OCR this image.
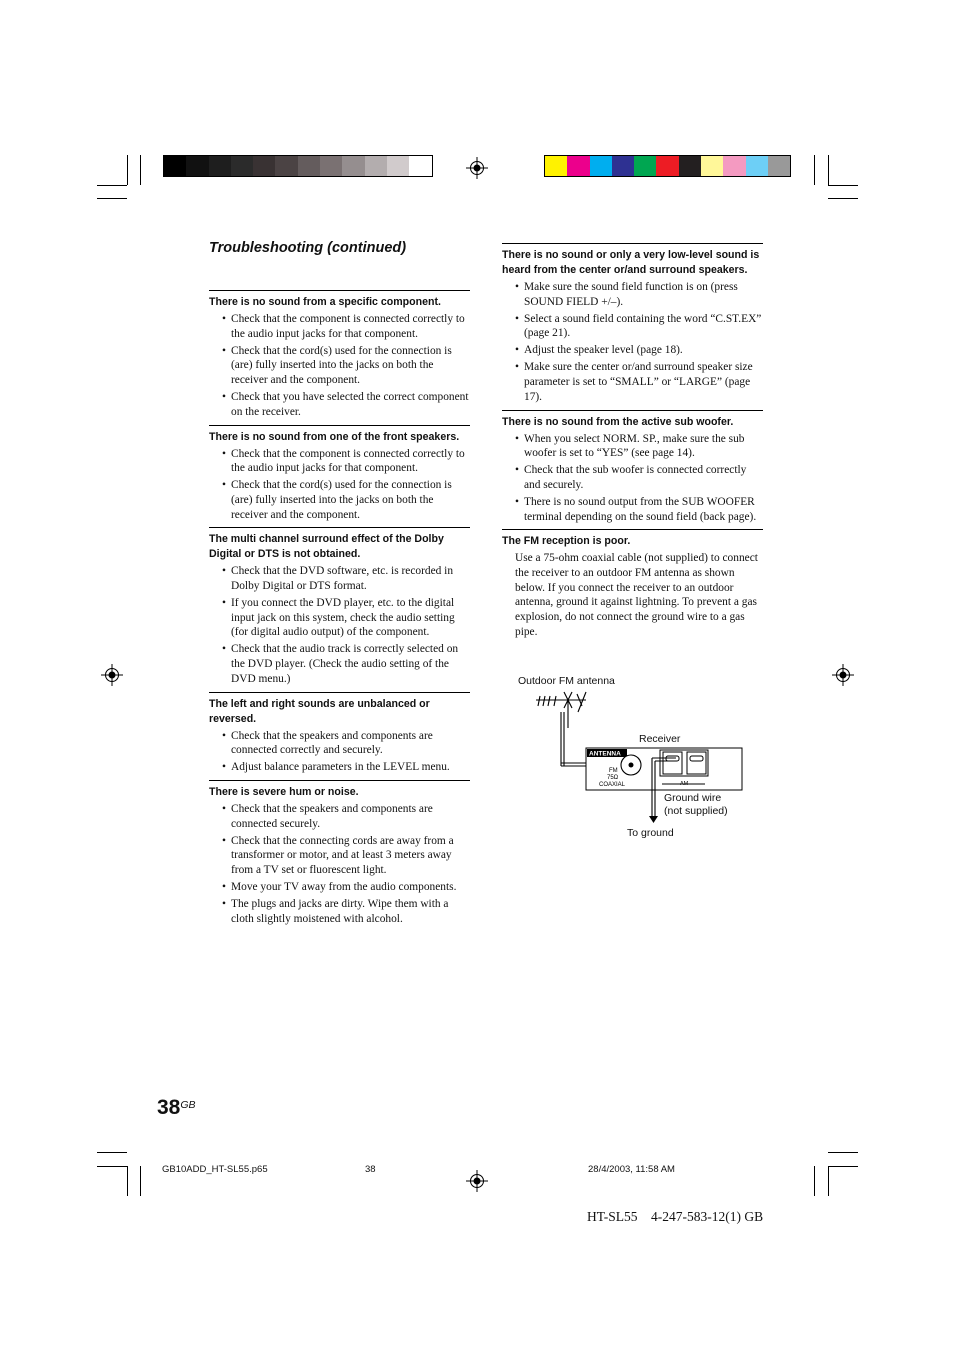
Troubleshooting (continued)

There is no sound from a specific component.

• Check that the component is connected correctly to the audio input jacks for that component.
• Check that the cord(s) used for the connection is (are) fully inserted into the jacks on both the receiver and the component.
• Check that you have selected the correct component on the receiver.

There is no sound from one of the front speakers.

• Check that the component is connected correctly to the audio input jacks for that component.
• Check that the cord(s) used for the connection is (are) fully inserted into the jacks on both the receiver and the component.

The multi channel surround effect of the Dolby Digital or DTS is not obtained.

• Check that the DVD software, etc. is recorded in Dolby Digital or DTS format.
• If you connect the DVD player, etc. to the digital input jack on this system, check the audio setting (for digital audio output) of the component.
• Check that the audio track is correctly selected on the DVD player. (Check the audio setting of the DVD menu.)

The left and right sounds are unbalanced or reversed.

• Check that the speakers and components are connected correctly and securely.
• Adjust balance parameters in the LEVEL menu.

There is severe hum or noise.

• Check that the speakers and components are connected securely.
• Check that the connecting cords are away from a transformer or motor, and at least 3 meters away from a TV set or fluorescent light.
• Move your TV away from the audio components.
• The plugs and jacks are dirty. Wipe them with a cloth slightly moistened with alcohol.

There is no sound or only a very low-level sound is heard from the center or/and surround speakers.

• Make sure the sound field function is on (press SOUND FIELD +/–).
• Select a sound field containing the word “C.ST.EX” (page 21).
• Adjust the speaker level (page 18).
• Make sure the center or/and surround speaker size parameter is set to “SMALL” or “LARGE” (page 17).

There is no sound from the active sub woofer.

• When you select NORM. SP., make sure the sub woofer is set to “YES” (see page 14).
• Check that the sub woofer is connected correctly and securely.
• There is no sound output from the SUB WOOFER terminal depending on the sound field (back page).

The FM reception is poor.

Use a 75-ohm coaxial cable (not supplied) to connect the receiver to an outdoor FM antenna as shown below. If you connect the receiver to an outdoor antenna, ground it against lightning. To prevent a gas explosion, do not connect the ground wire to a gas pipe.

Outdoor FM antenna
Receiver
Ground wire
(not supplied)
To ground
ANTENNA
FM
75Ω
COAXIAL	AM
$38^{GB}$
GB10ADD_HT-SL55.p65	38	28/4/2003, 11:58 AM
HT-SL55    4-247-583-12(1) GB
